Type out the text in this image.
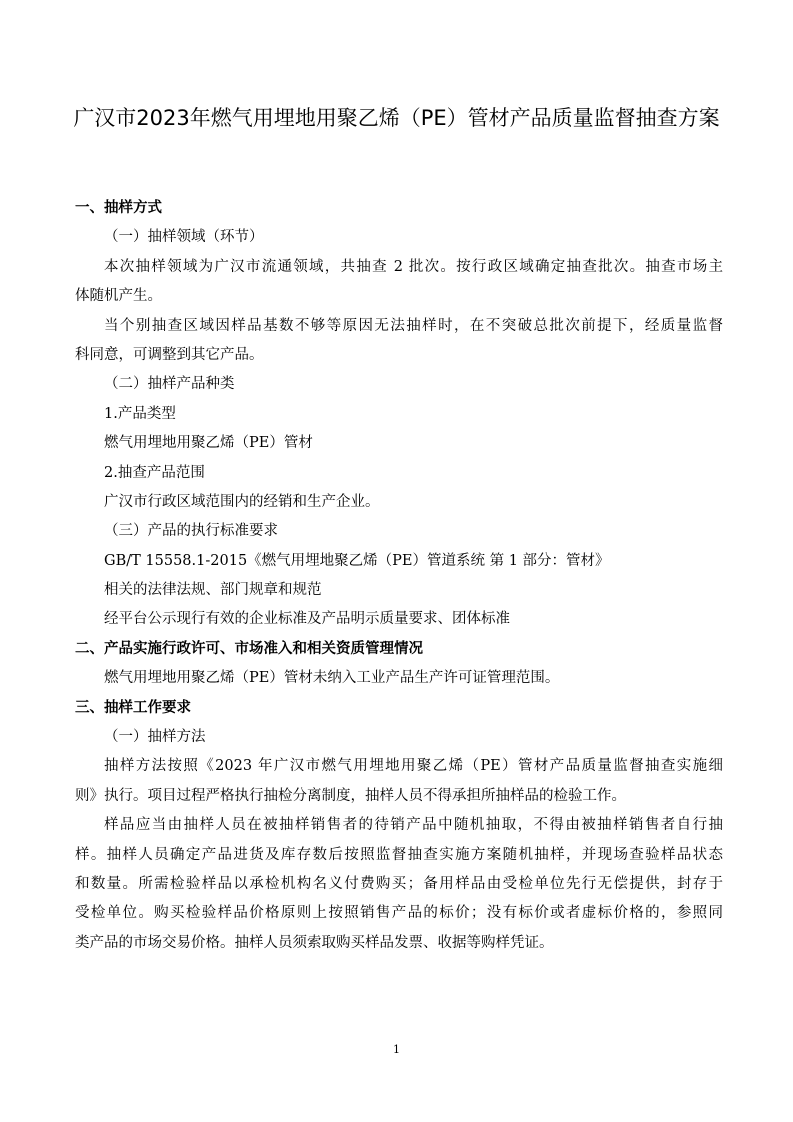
广汉市2023年燃气用埋地用聚乙烯（PE）管材产品质量监督抽查方案
一、抽样方式
（一）抽样领域（环节）
本次抽样领域为广汉市流通领域，共抽查 2 批次。按行政区域确定抽查批次。抽查市场主
体随机产生。
当个别抽查区域因样品基数不够等原因无法抽样时，在不突破总批次前提下，经质量监督
科同意，可调整到其它产品。
（二）抽样产品种类
1.产品类型
燃气用埋地用聚乙烯（PE）管材
2.抽查产品范围
广汉市行政区域范围内的经销和生产企业。
（三）产品的执行标准要求
GB/T 15558.1-2015《燃气用埋地聚乙烯（PE）管道系统 第 1 部分：管材》
相关的法律法规、部门规章和规范
经平台公示现行有效的企业标准及产品明示质量要求、团体标准
二、产品实施行政许可、市场准入和相关资质管理情况
燃气用埋地用聚乙烯（PE）管材未纳入工业产品生产许可证管理范围。
三、抽样工作要求
（一）抽样方法
抽样方法按照《2023 年广汉市燃气用埋地用聚乙烯（PE）管材产品质量监督抽查实施细
则》执行。项目过程严格执行抽检分离制度，抽样人员不得承担所抽样品的检验工作。
样品应当由抽样人员在被抽样销售者的待销产品中随机抽取，不得由被抽样销售者自行抽
样。抽样人员确定产品进货及库存数后按照监督抽查实施方案随机抽样，并现场查验样品状态
和数量。所需检验样品以承检机构名义付费购买；备用样品由受检单位先行无偿提供，封存于
受检单位。购买检验样品价格原则上按照销售产品的标价；没有标价或者虚标价格的，参照同
类产品的市场交易价格。抽样人员须索取购买样品发票、收据等购样凭证。
1
